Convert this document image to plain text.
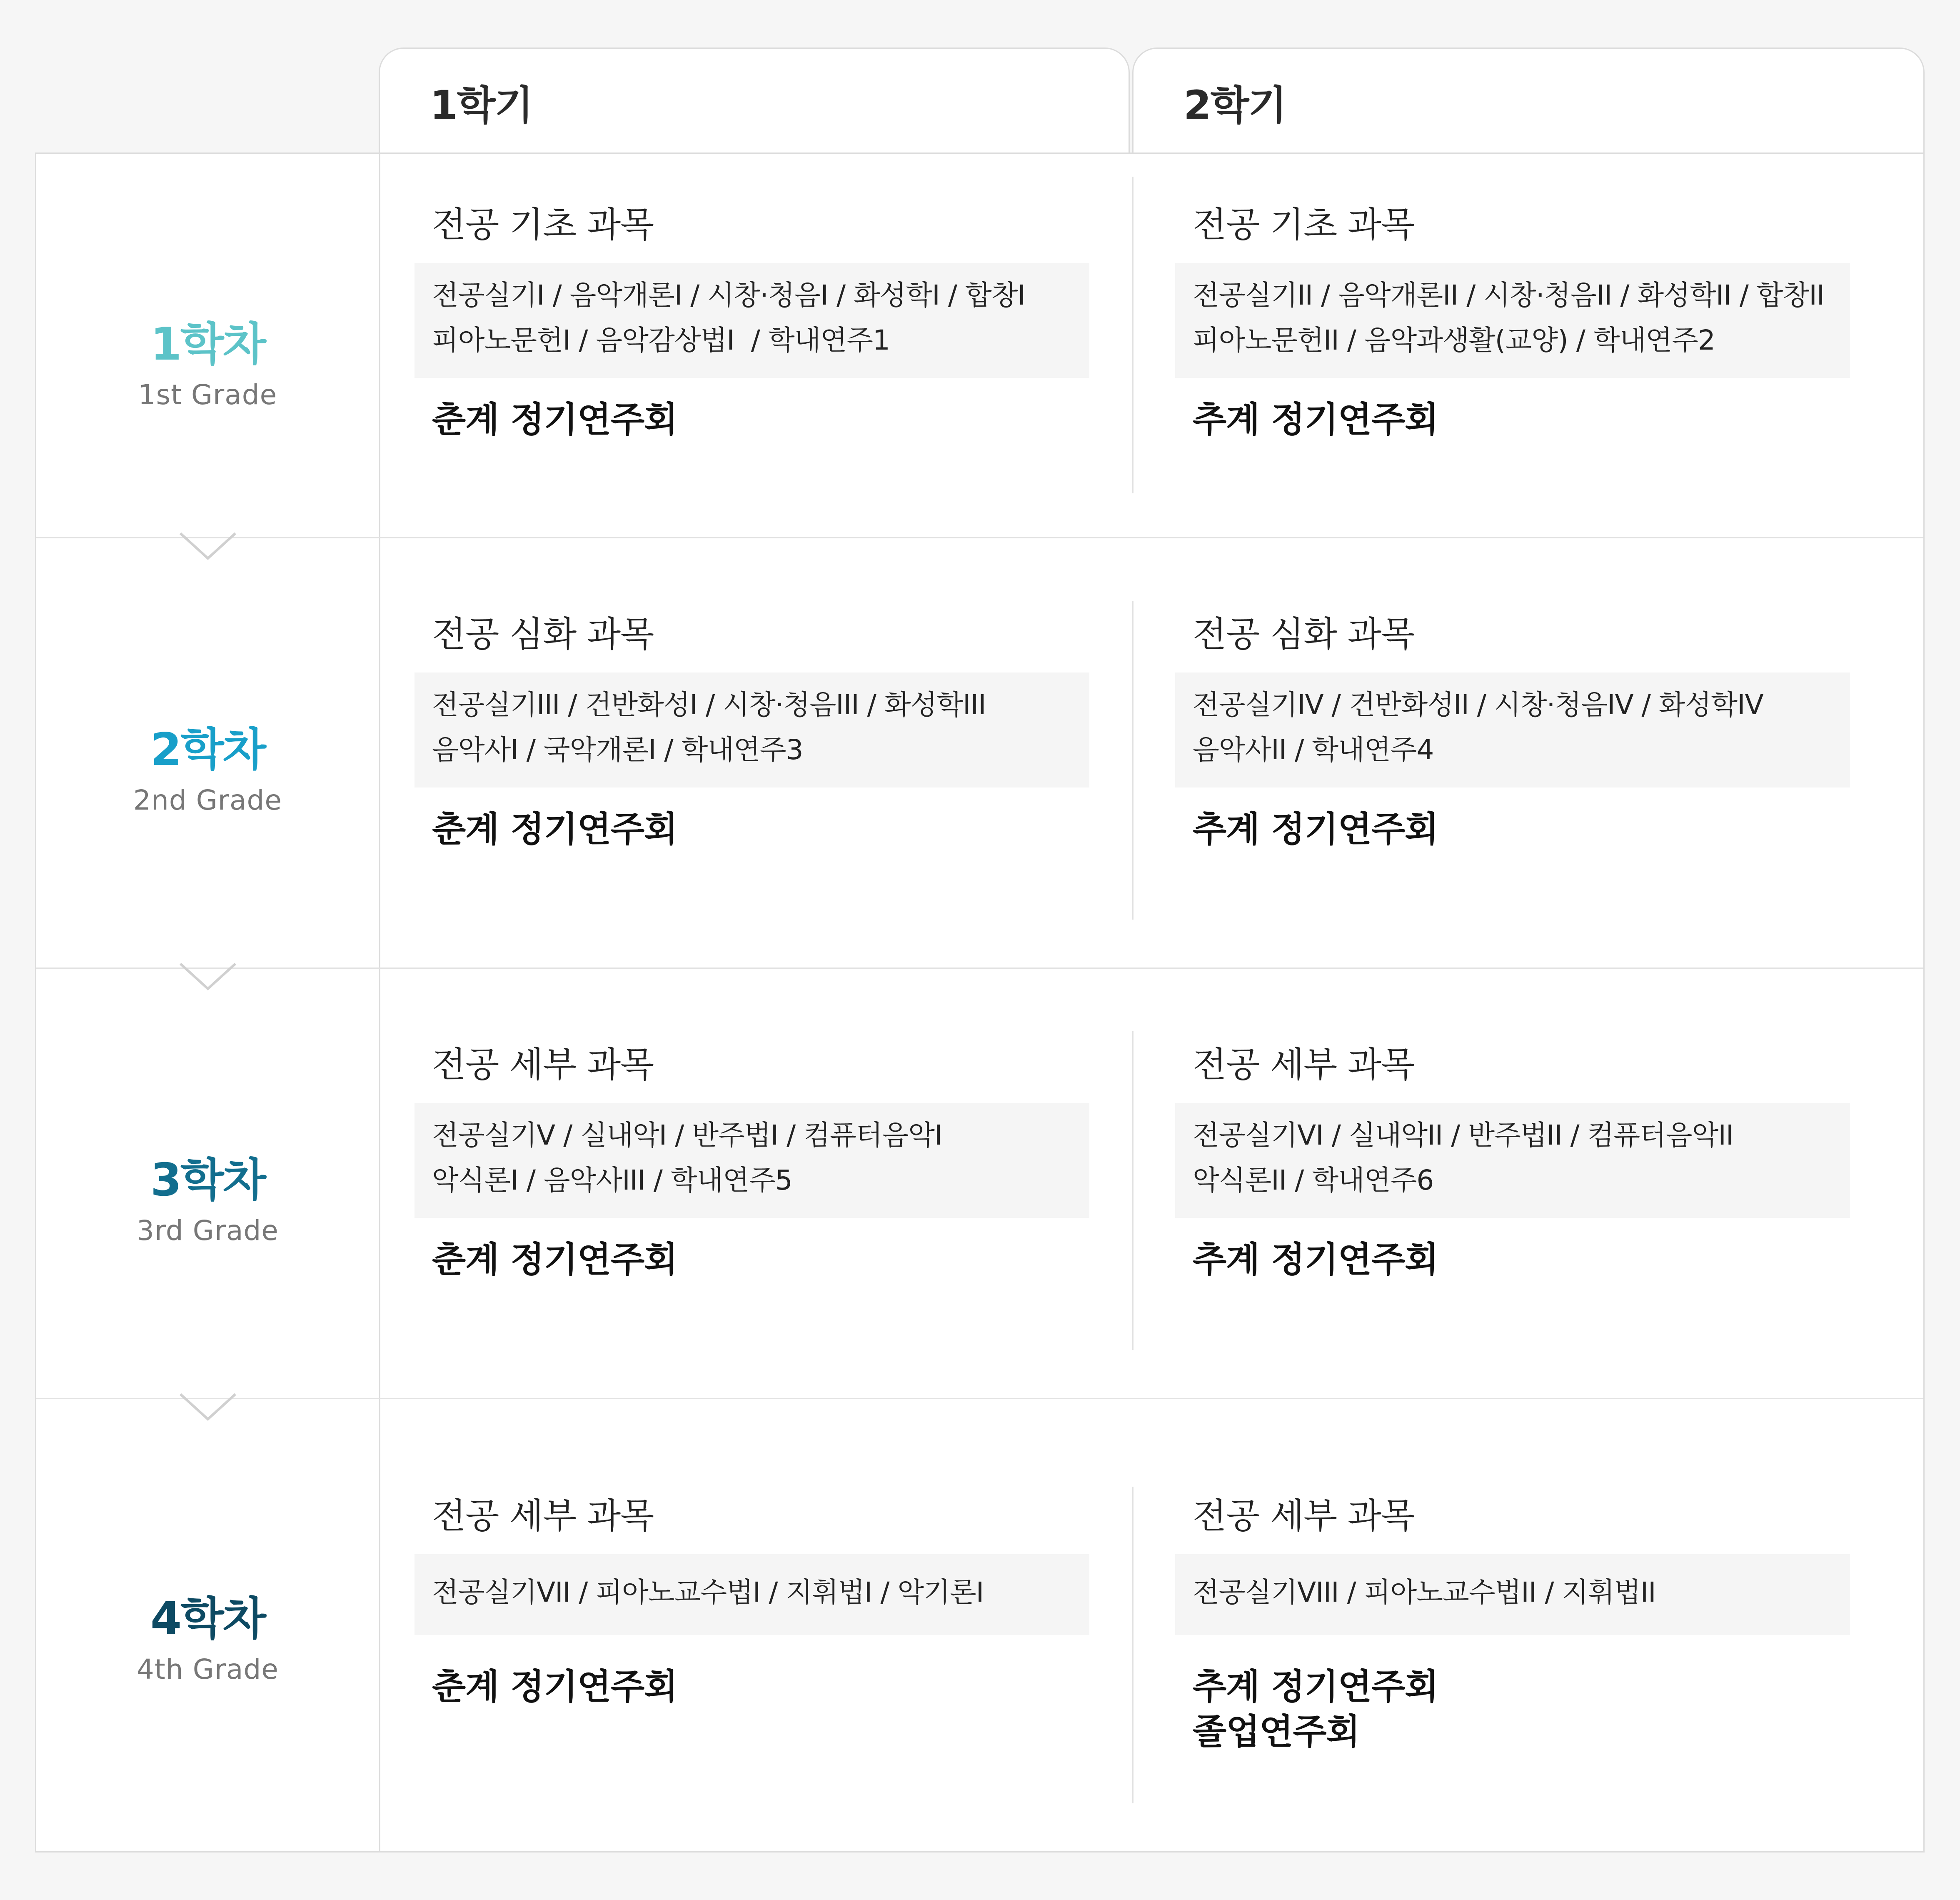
1학기	2학기
1학차
1st Grade
전공 기초 과목
전공실기I / 음악개론I / 시창·청음I / 화성학I / 합창I
피아노문헌I / 음악감상법I  / 학내연주1
춘계 정기연주회
전공 기초 과목
전공실기II / 음악개론II / 시창·청음II / 화성학II / 합창II
피아노문헌II / 음악과생활(교양) / 학내연주2
추계 정기연주회
2학차
2nd Grade
전공 심화 과목
전공실기III / 건반화성I / 시창·청음III / 화성학III
음악사I / 국악개론I / 학내연주3
춘계 정기연주회
전공 심화 과목
전공실기IV / 건반화성II / 시창·청음IV / 화성학IV
음악사II / 학내연주4
추계 정기연주회
3학차
3rd Grade
전공 세부 과목
전공실기V / 실내악I / 반주법I / 컴퓨터음악I
악식론I / 음악사III / 학내연주5
춘계 정기연주회
전공 세부 과목
전공실기VI / 실내악II / 반주법II / 컴퓨터음악II
악식론II / 학내연주6
추계 정기연주회
4학차
4th Grade
전공 세부 과목
전공실기VII / 피아노교수법I / 지휘법I / 악기론I
춘계 정기연주회
전공 세부 과목
전공실기VIII / 피아노교수법II / 지휘법II
추계 정기연주회
졸업연주회
